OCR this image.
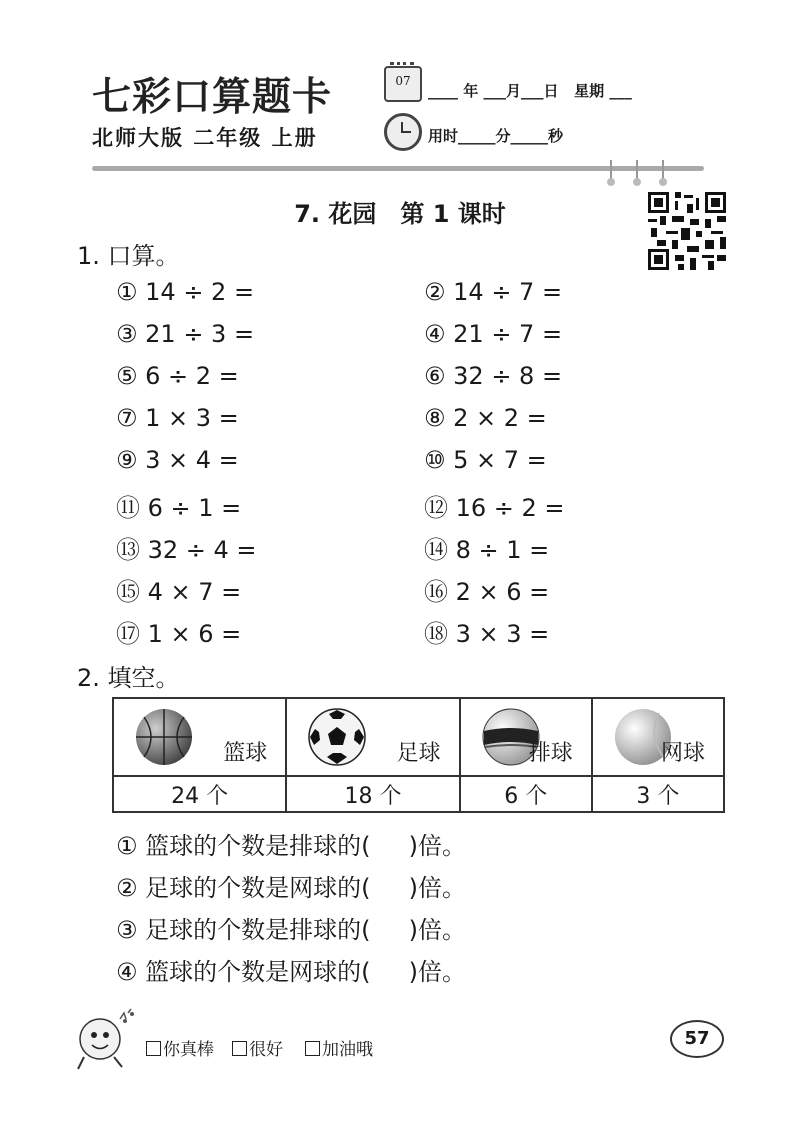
七彩口算题卡
北师大版 二年级 上册
07
____ 年 ___月___日   星期 ___
用时_____分_____秒
7. 花园　第 1 课时
1. 口算。
① 14 ÷ 2 =	② 14 ÷ 7 =
③ 21 ÷ 3 =	④ 21 ÷ 7 =
⑤ 6 ÷ 2 =	⑥ 32 ÷ 8 =
⑦ 1 × 3 =	⑧ 2 × 2 =
⑨ 3 × 4 =	⑩ 5 × 7 =
⑪ 6 ÷ 1 =	⑫ 16 ÷ 2 =
⑬ 32 ÷ 4 =	⑭ 8 ÷ 1 =
⑮ 4 × 7 =	⑯ 2 × 6 =
⑰ 1 × 6 =	⑱ 3 × 3 =
2. 填空。
篮球	足球	排球	网球

24 个	18 个	6 个	3 个
① 篮球的个数是排球的(     )倍。
② 足球的个数是网球的(     )倍。
③ 足球的个数是排球的(     )倍。
④ 篮球的个数是网球的(     )倍。
你真棒	很好	加油哦
57
